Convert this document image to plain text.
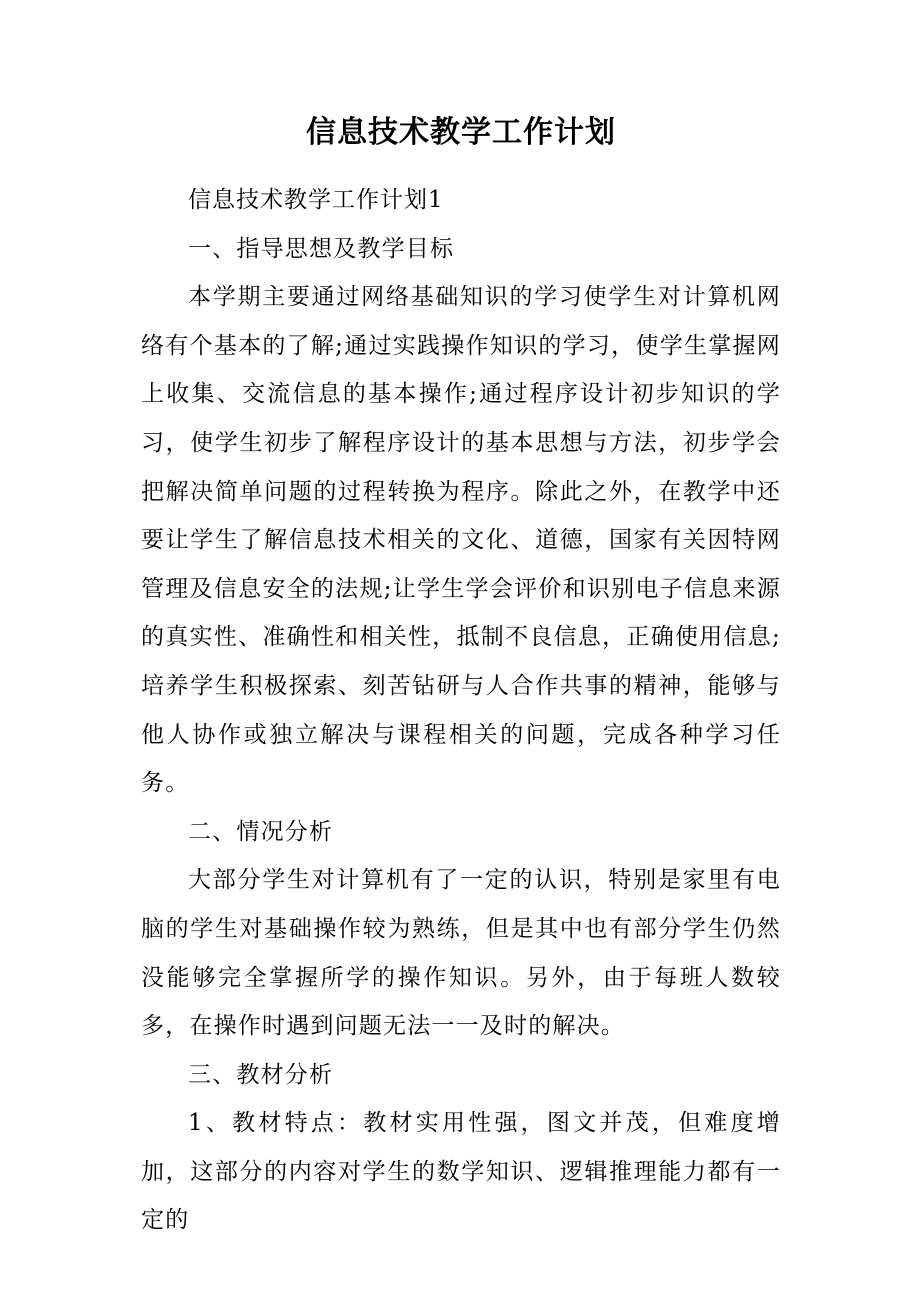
信息技术教学工作计划

信息技术教学工作计划1

一、指导思想及教学目标

本学期主要通过网络基础知识的学习使学生对计算机网络有个基本的了解;通过实践操作知识的学习，使学生掌握网上收集、交流信息的基本操作;通过程序设计初步知识的学习，使学生初步了解程序设计的基本思想与方法，初步学会把解决简单问题的过程转换为程序。除此之外，在教学中还要让学生了解信息技术相关的文化、道德，国家有关因特网管理及信息安全的法规;让学生学会评价和识别电子信息来源的真实性、准确性和相关性，抵制不良信息，正确使用信息;培养学生积极探索、刻苦钻研与人合作共事的精神，能够与他人协作或独立解决与课程相关的问题，完成各种学习任务。

二、情况分析

大部分学生对计算机有了一定的认识，特别是家里有电脑的学生对基础操作较为熟练，但是其中也有部分学生仍然没能够完全掌握所学的操作知识。另外，由于每班人数较多，在操作时遇到问题无法一一及时的解决。

三、教材分析

1、教材特点：教材实用性强，图文并茂，但难度增加，这部分的内容对学生的数学知识、逻辑推理能力都有一定的
